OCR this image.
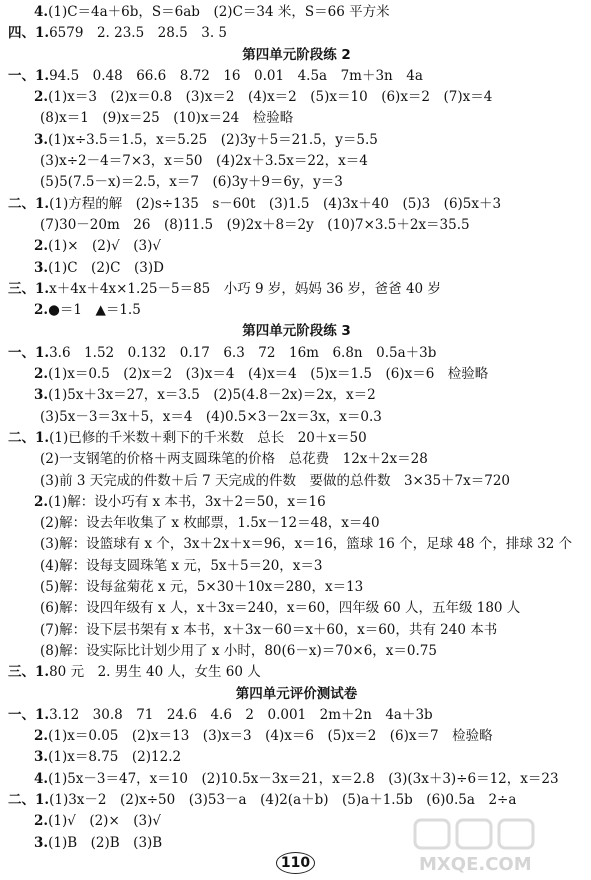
4.(1)C＝4a＋6b，S＝6ab　(2)C＝34 米，S＝66 平方米
四、1.6579　2. 23.5　28.5　3. 5
第四单元阶段练 2
一、1.94.5　0.48　66.6　8.72　16　0.01　4.5a　7m＋3n　4a
2.(1)x＝3　(2)x＝0.8　(3)x＝2　(4)x＝2　(5)x＝10　(6)x＝2　(7)x＝4
(8)x＝1　(9)x＝25　(10)x＝24　检验略
3.(1)x÷3.5＝1.5，x＝5.25　(2)3y＋5＝21.5，y＝5.5
(3)x÷2－4＝7×3，x＝50　(4)2x＋3.5x＝22，x＝4
(5)5(7.5－x)＝2.5，x＝7　(6)3y＋9＝6y，y＝3
二、1.(1)方程的解　(2)s÷135　s－60t　(3)1.5　(4)3x＋40　(5)3　(6)5x＋3
(7)30－20m　26　(8)11.5　(9)2x＋8＝2y　(10)7×3.5＋2x＝35.5
2.(1)×　(2)√　(3)√
3.(1)C　(2)C　(3)D
三、1.x＋4x＋4x×1.25－5＝85　小巧 9 岁，妈妈 36 岁，爸爸 40 岁
2.●＝1　▲＝1.5
第四单元阶段练 3
一、1.3.6　1.52　0.132　0.17　6.3　72　16m　6.8n　0.5a＋3b
2.(1)x＝0.5　(2)x＝2　(3)x＝4　(4)x＝4　(5)x＝1.5　(6)x＝6　检验略
3.(1)5x＋3x＝27，x＝3.5　(2)5(4.8－2x)＝2x，x＝2
(3)5x－3＝3x＋5，x＝4　(4)0.5×3－2x＝3x，x＝0.3
二、1.(1)已修的千米数＋剩下的千米数　总长　20＋x＝50
(2)一支钢笔的价格＋两支圆珠笔的价格　总花费　12x＋2x＝28
(3)前 3 天完成的件数＋后 7 天完成的件数　要做的总件数　3×35＋7x＝720
2.(1)解：设小巧有 x 本书，3x＋2＝50，x＝16
(2)解：设去年收集了 x 枚邮票，1.5x－12＝48，x＝40
(3)解：设篮球有 x 个，3x＋2x＋x＝96，x＝16，篮球 16 个，足球 48 个，排球 32 个
(4)解：设每支圆珠笔 x 元，5x＋5＝20，x＝3
(5)解：设每盆菊花 x 元，5×30＋10x＝280，x＝13
(6)解：设四年级有 x 人，x＋3x＝240，x＝60，四年级 60 人，五年级 180 人
(7)解：设下层书架有 x 本书，x＋3x－60＝x＋60，x＝60，共有 240 本书
(8)解：设实际比计划少用了 x 小时，80(6－x)＝70×6，x＝0.75
三、1.80 元　2. 男生 40 人，女生 60 人
第四单元评价测试卷
一、1.3.12　30.8　71　24.6　4.6　2　0.001　2m＋2n　4a＋3b
2.(1)x＝0.05　(2)x＝13　(3)x＝3　(4)x＝6　(5)x＝2　(6)x＝7　检验略
3.(1)x＝8.75　(2)12.2
4.(1)5x－3＝47，x＝10　(2)10.5x－3x＝21，x＝2.8　(3)(3x＋3)÷6＝12，x＝23
二、1.(1)3x－2　(2)x÷50　(3)53－a　(4)2(a＋b)　(5)a＋1.5b　(6)0.5a　2÷a
2.(1)√　(2)×　(3)√
3.(1)B　(2)B　(3)B
110	MXQE.COM
